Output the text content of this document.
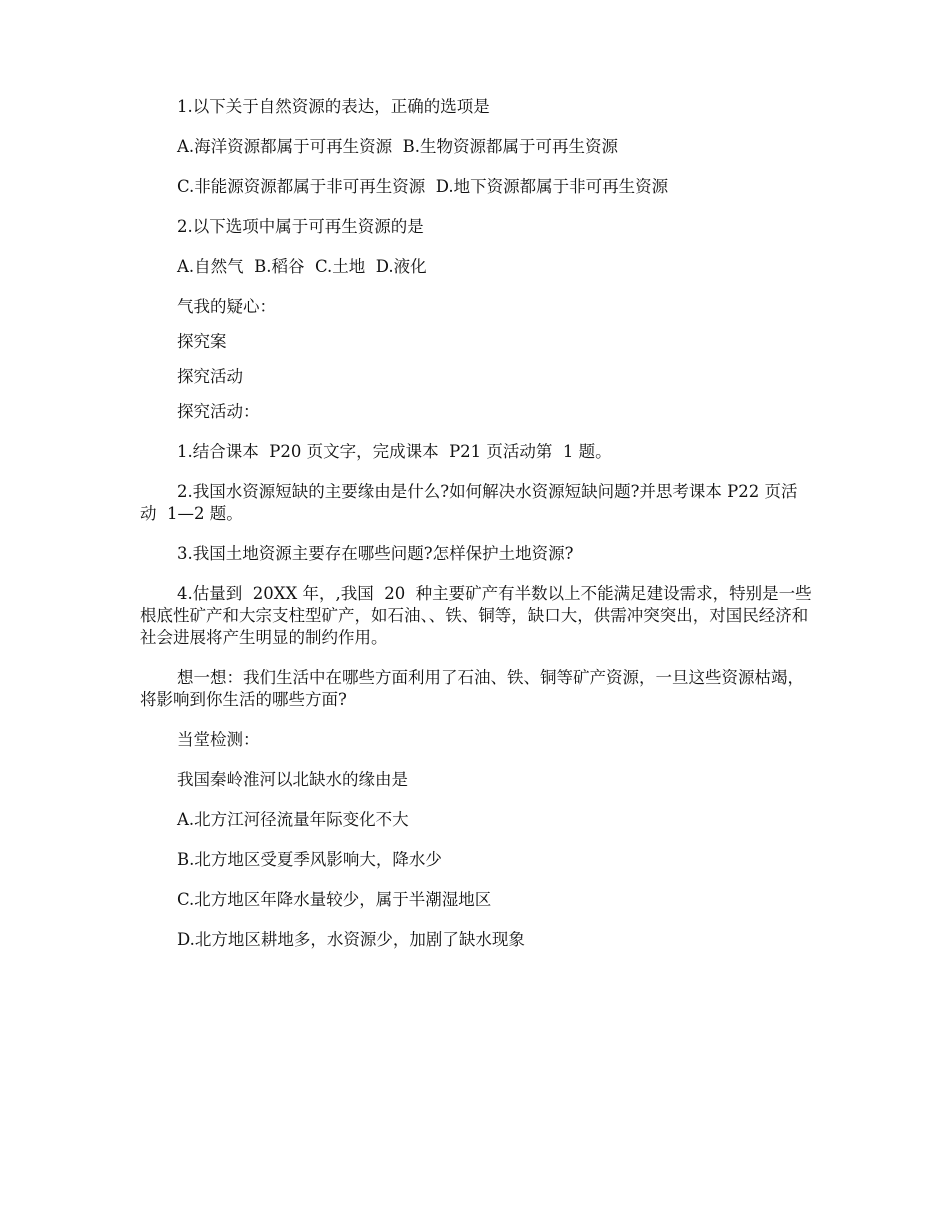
1.以下关于自然资源的表达，正确的选项是

A.海洋资源都属于可再生资源  B.生物资源都属于可再生资源

C.非能源资源都属于非可再生资源  D.地下资源都属于非可再生资源

2.以下选项中属于可再生资源的是

A.自然气  B.稻谷  C.土地  D.液化

气我的疑心：

探究案

探究活动

探究活动：

1.结合课本  P20 页文字，完成课本  P21 页活动第  1 题。

2.我国水资源短缺的主要缘由是什么?如何解决水资源短缺问题?并思考课本 P22 页活动  1—2 题。

3.我国土地资源主要存在哪些问题?怎样保护土地资源?

4.估量到  20XX 年，,我国  20  种主要矿产有半数以上不能满足建设需求，特别是一些根底性矿产和大宗支柱型矿产，如石油、、铁、铜等，缺口大，供需冲突突出，对国民经济和社会进展将产生明显的制约作用。

想一想：我们生活中在哪些方面利用了石油、铁、铜等矿产资源，一旦这些资源枯竭，将影响到你生活的哪些方面?

当堂检测：

我国秦岭淮河以北缺水的缘由是

A.北方江河径流量年际变化不大

B.北方地区受夏季风影响大，降水少

C.北方地区年降水量较少，属于半潮湿地区

D.北方地区耕地多，水资源少，加剧了缺水现象
